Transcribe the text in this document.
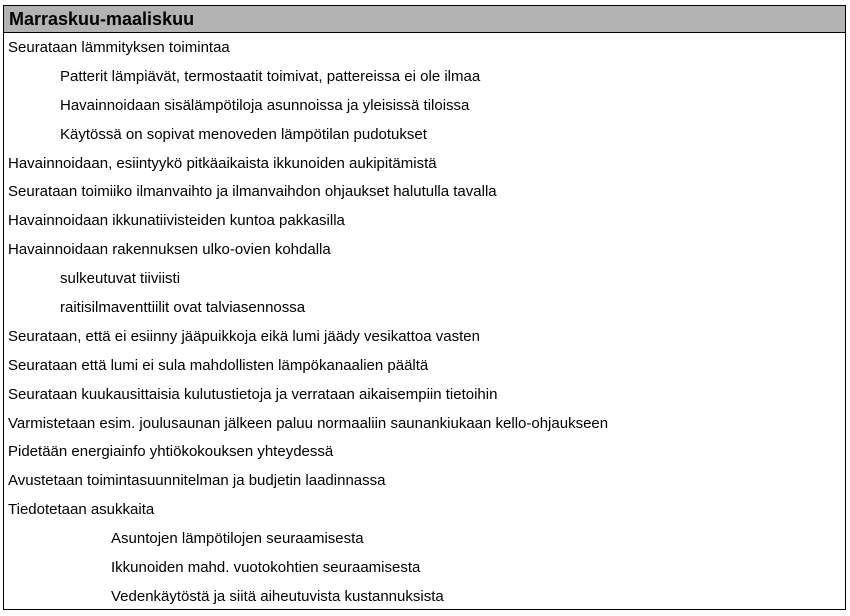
Marraskuu-maaliskuu
Seurataan lämmityksen toimintaa
Patterit lämpiävät, termostaatit toimivat, pattereissa ei ole ilmaa
Havainnoidaan sisälämpötiloja asunnoissa ja yleisissä tiloissa
Käytössä on sopivat menoveden lämpötilan pudotukset
Havainnoidaan, esiintyykö pitkäaikaista ikkunoiden aukipitämistä
Seurataan toimiiko ilmanvaihto ja ilmanvaihdon ohjaukset halutulla tavalla
Havainnoidaan ikkunatiivisteiden kuntoa pakkasilla
Havainnoidaan rakennuksen ulko-ovien kohdalla
sulkeutuvat tiiviisti
raitisilmaventtiilit ovat talviasennossa
Seurataan, että ei esiinny jääpuikkoja eikä lumi jäädy vesikattoa vasten
Seurataan että lumi ei sula mahdollisten lämpökanaalien päältä
Seurataan kuukausittaisia kulutustietoja ja verrataan aikaisempiin tietoihin
Varmistetaan esim. joulusaunan jälkeen paluu normaaliin saunankiukaan kello-ohjaukseen
Pidetään energiainfo yhtiökokouksen yhteydessä
Avustetaan toimintasuunnitelman ja budjetin laadinnassa
Tiedotetaan asukkaita
Asuntojen lämpötilojen seuraamisesta
Ikkunoiden mahd. vuotokohtien seuraamisesta
Vedenkäytöstä ja siitä aiheutuvista kustannuksista
